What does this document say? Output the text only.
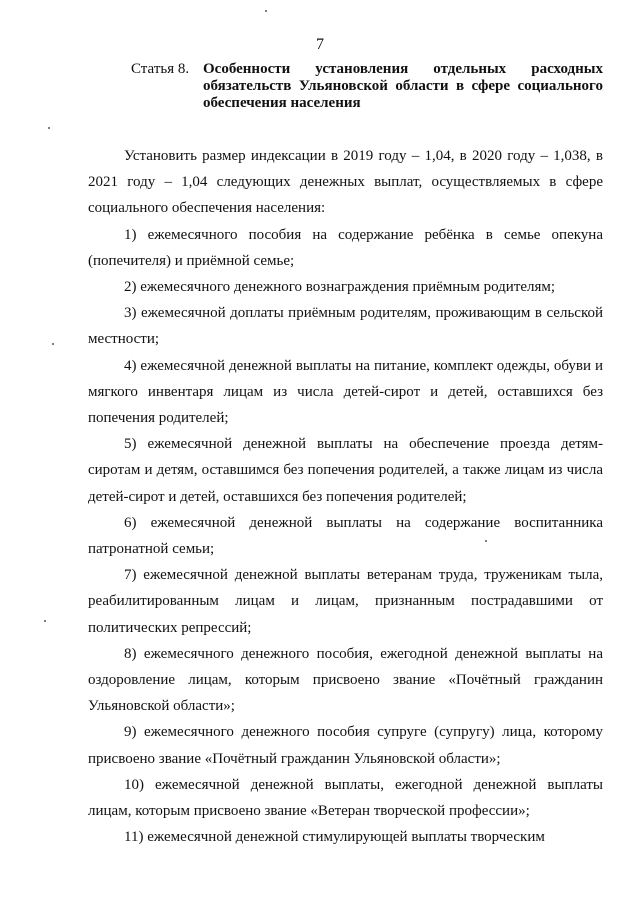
7
Статья 8. Особенности установления отдельных расходных обязательств Ульяновской области в сфере социального обеспечения населения

Установить размер индексации в 2019 году – 1,04, в 2020 году – 1,038, в 2021 году – 1,04 следующих денежных выплат, осуществляемых в сфере социального обеспечения населения:

1) ежемесячного пособия на содержание ребёнка в семье опекуна (попечителя) и приёмной семье;

2) ежемесячного денежного вознаграждения приёмным родителям;

3) ежемесячной доплаты приёмным родителям, проживающим в сельской местности;

4) ежемесячной денежной выплаты на питание, комплект одежды, обуви и мягкого инвентаря лицам из числа детей-сирот и детей, оставшихся без попечения родителей;

5) ежемесячной денежной выплаты на обеспечение проезда детям-сиротам и детям, оставшимся без попечения родителей, а также лицам из числа детей-сирот и детей, оставшихся без попечения родителей;

6) ежемесячной денежной выплаты на содержание воспитанника патронатной семьи;

7) ежемесячной денежной выплаты ветеранам труда, труженикам тыла, реабилитированным лицам и лицам, признанным пострадавшими от политических репрессий;

8) ежемесячного денежного пособия, ежегодной денежной выплаты на оздоровление лицам, которым присвоено звание «Почётный гражданин Ульяновской области»;

9) ежемесячного денежного пособия супруге (супругу) лица, которому присвоено звание «Почётный гражданин Ульяновской области»;

10) ежемесячной денежной выплаты, ежегодной денежной выплаты лицам, которым присвоено звание «Ветеран творческой профессии»;

11) ежемесячной денежной стимулирующей выплаты творческим
